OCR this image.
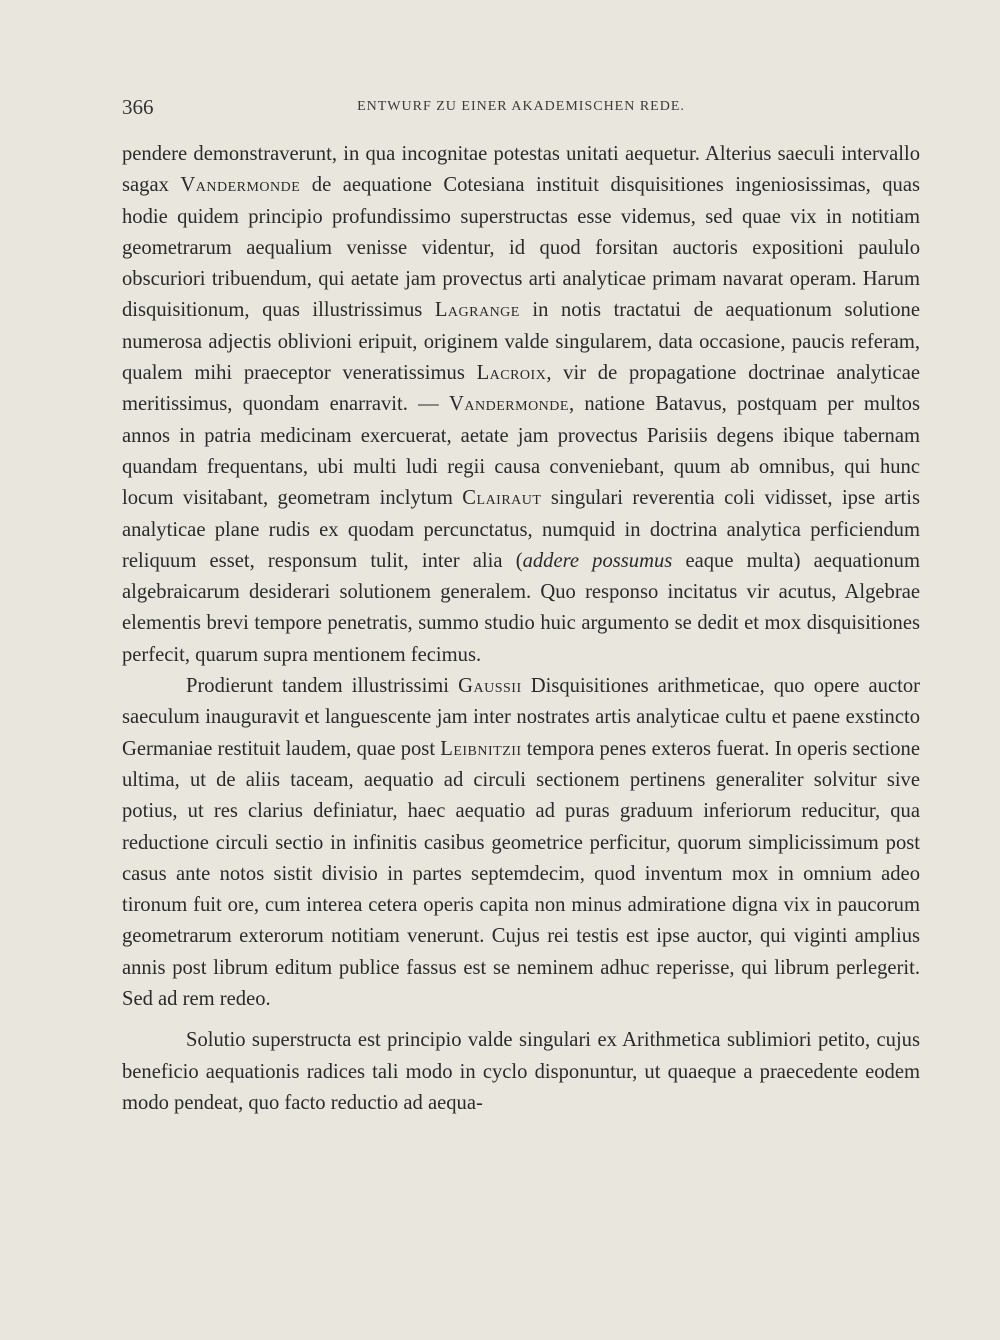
366	ENTWURF ZU EINER AKADEMISCHEN REDE.

pendere demonstraverunt, in qua incognitae potestas unitati aequetur. Alterius saeculi intervallo sagax Vandermonde de aequatione Cotesiana instituit disquisitiones ingeniosissimas, quas hodie quidem principio profundissimo superstructas esse videmus, sed quae vix in notitiam geometrarum aequalium venisse videntur, id quod forsitan auctoris expositioni paululo obscuriori tribuendum, qui aetate jam provectus arti analyticae primam navarat operam. Harum disquisitionum, quas illustrissimus Lagrange in notis tractatui de aequationum solutione numerosa adjectis oblivioni eripuit, originem valde singularem, data occasione, paucis referam, qualem mihi praeceptor veneratissimus Lacroix, vir de propagatione doctrinae analyticae meritissimus, quondam enarravit. — Vandermonde, natione Batavus, postquam per multos annos in patria medicinam exercuerat, aetate jam provectus Parisiis degens ibique tabernam quandam frequentans, ubi multi ludi regii causa conveniebant, quum ab omnibus, qui hunc locum visitabant, geometram inclytum Clairaut singulari reverentia coli vidisset, ipse artis analyticae plane rudis ex quodam percunctatus, numquid in doctrina analytica perficiendum reliquum esset, responsum tulit, inter alia (addere possumus eaque multa) aequationum algebraicarum desiderari solutionem generalem. Quo responso incitatus vir acutus, Algebrae elementis brevi tempore penetratis, summo studio huic argumento se dedit et mox disquisitiones perfecit, quarum supra mentionem fecimus.

Prodierunt tandem illustrissimi Gaussii Disquisitiones arithmeticae, quo opere auctor saeculum inauguravit et languescente jam inter nostrates artis analyticae cultu et paene exstincto Germaniae restituit laudem, quae post Leibnitzii tempora penes exteros fuerat. In operis sectione ultima, ut de aliis taceam, aequatio ad circuli sectionem pertinens generaliter solvitur sive potius, ut res clarius definiatur, haec aequatio ad puras graduum inferiorum reducitur, qua reductione circuli sectio in infinitis casibus geometrice perficitur, quorum simplicissimum post casus ante notos sistit divisio in partes septemdecim, quod inventum mox in omnium adeo tironum fuit ore, cum interea cetera operis capita non minus admiratione digna vix in paucorum geometrarum exterorum notitiam venerunt. Cujus rei testis est ipse auctor, qui viginti amplius annis post librum editum publice fassus est se neminem adhuc reperisse, qui librum perlegerit. Sed ad rem redeo.

Solutio superstructa est principio valde singulari ex Arithmetica sublimiori petito, cujus beneficio aequationis radices tali modo in cyclo disponuntur, ut quaeque a praecedente eodem modo pendeat, quo facto reductio ad aequa-
